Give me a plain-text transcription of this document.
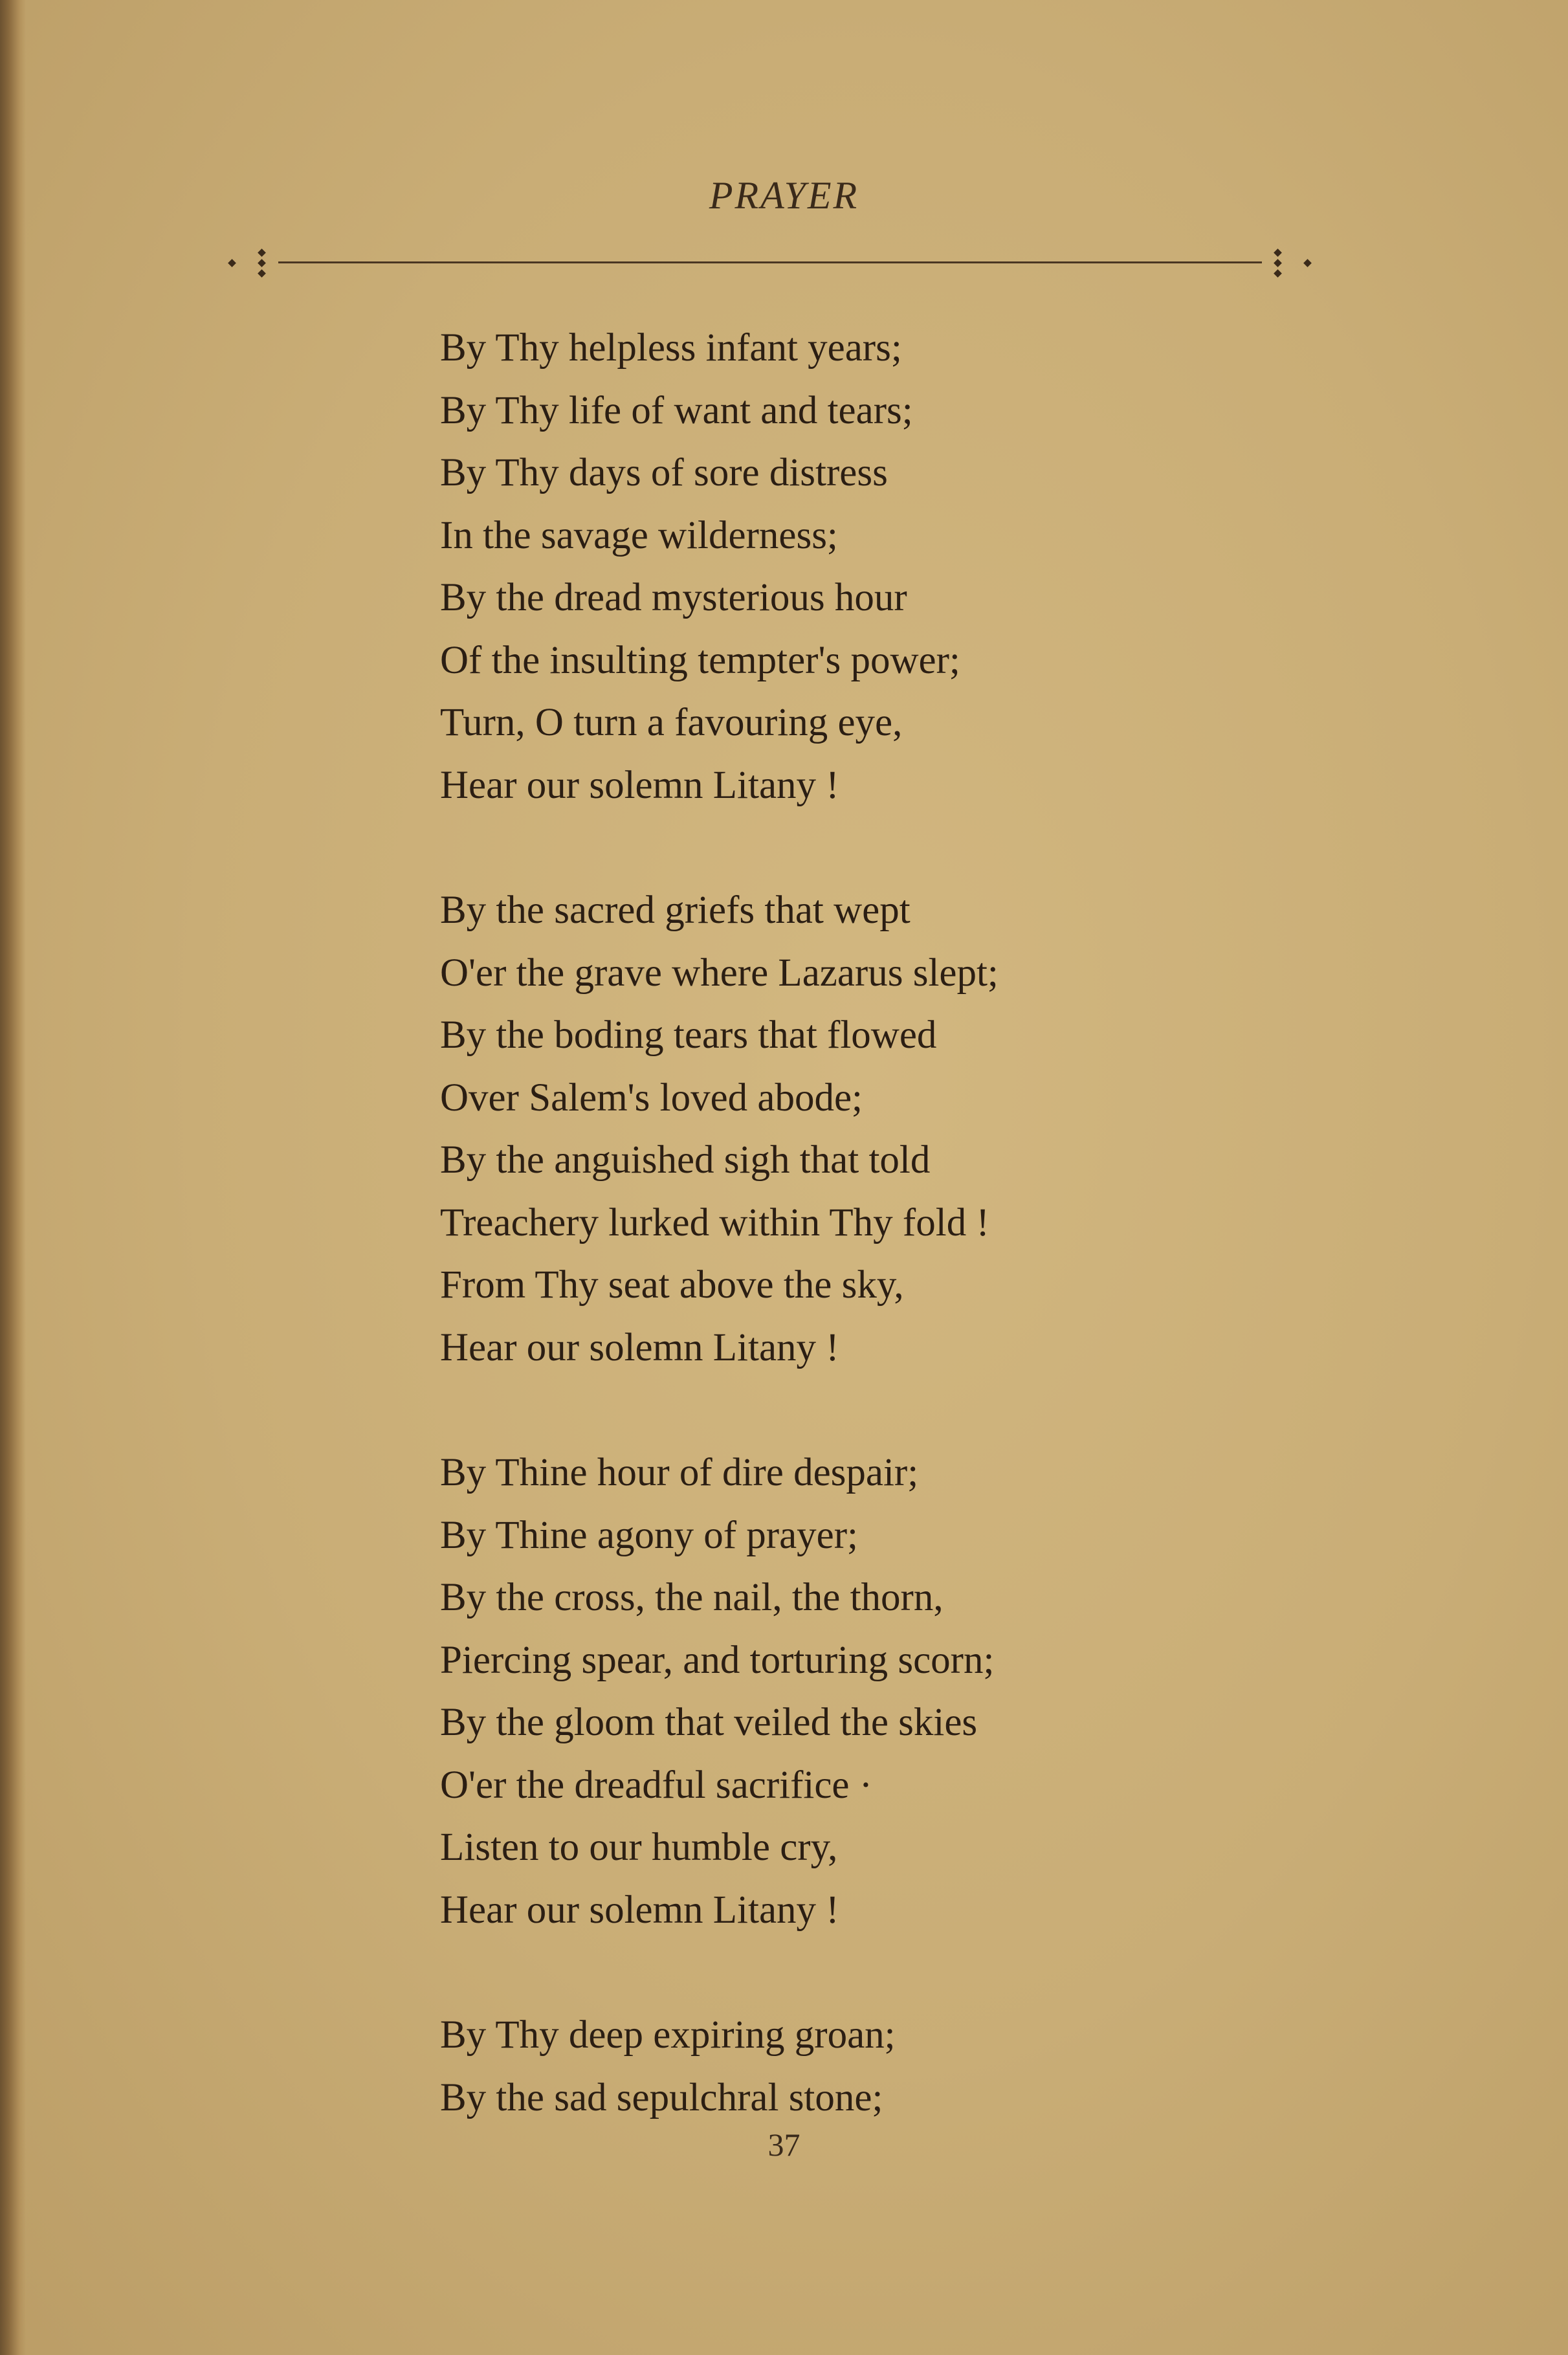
PRAYER
By Thy helpless infant years;
By Thy life of want and tears;
By Thy days of sore distress
In the savage wilderness;
By the dread mysterious hour
Of the insulting tempter's power;
Turn, O turn a favouring eye,
Hear our solemn Litany !
By the sacred griefs that wept
O'er the grave where Lazarus slept;
By the boding tears that flowed
Over Salem's loved abode;
By the anguished sigh that told
Treachery lurked within Thy fold !
From Thy seat above the sky,
Hear our solemn Litany !
By Thine hour of dire despair;
By Thine agony of prayer;
By the cross, the nail, the thorn,
Piercing spear, and torturing scorn;
By the gloom that veiled the skies
O'er the dreadful sacrifice ·
Listen to our humble cry,
Hear our solemn Litany !
By Thy deep expiring groan;
By the sad sepulchral stone;
37
